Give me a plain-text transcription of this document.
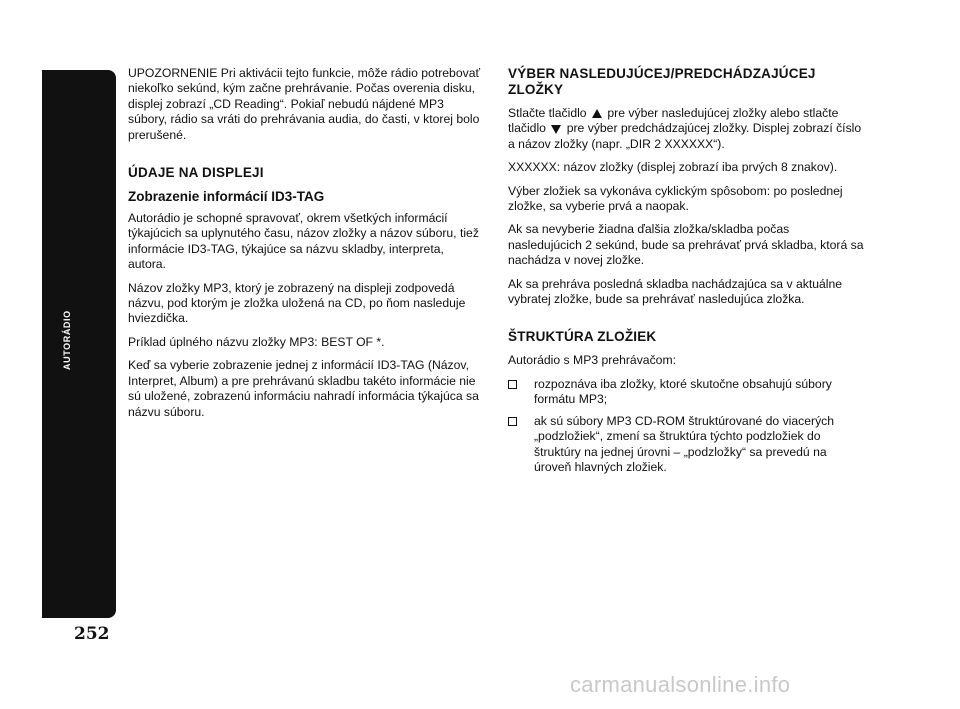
AUTORÁDIO
252

UPOZORNENIE Pri aktivácii tejto funkcie, môže rádio potrebovať niekoľko sekúnd, kým začne prehrávanie. Počas overenia disku, displej zobrazí „CD Reading“. Pokiaľ nebudú nájdené MP3 súbory, rádio sa vráti do prehrávania audia, do časti, v ktorej bolo prerušené.

ÚDAJE NA DISPLEJI
Zobrazenie informácií ID3-TAG

Autorádio je schopné spravovať, okrem všetkých informácií týkajúcich sa uplynutého času, názov zložky a názov súboru, tiež informácie ID3-TAG, týkajúce sa názvu skladby, interpreta, autora.

Názov zložky MP3, ktorý je zobrazený na displeji zodpovedá názvu, pod ktorým je zložka uložená na CD, po ňom nasleduje hviezdička.

Príklad úplného názvu zložky MP3: BEST OF *.

Keď sa vyberie zobrazenie jednej z informácií ID3-TAG (Názov, Interpret, Album) a pre prehrávanú skladbu takéto informácie nie sú uložené, zobrazenú informáciu nahradí informácia týkajúca sa názvu súboru.

VÝBER NASLEDUJÚCEJ/PREDCHÁDZAJÚCEJ ZLOŽKY

Stlačte tlačidlo pre výber nasledujúcej zložky alebo stlačte tlačidlo pre výber predchádzajúcej zložky. Displej zobrazí číslo a názov zložky (napr. „DIR 2 XXXXXX“).

XXXXXX: názov zložky (displej zobrazí iba prvých 8 znakov).

Výber zložiek sa vykonáva cyklickým spôsobom: po poslednej zložke, sa vyberie prvá a naopak.

Ak sa nevyberie žiadna ďalšia zložka/skladba počas nasledujúcich 2 sekúnd, bude sa prehrávať prvá skladba, ktorá sa nachádza v novej zložke.

Ak sa prehráva posledná skladba nachádzajúca sa v aktuálne vybratej zložke, bude sa prehrávať nasledujúca zložka.

ŠTRUKTÚRA ZLOŽIEK

Autorádio s MP3 prehrávačom:

rozpoznáva iba zložky, ktoré skutočne obsahujú súbory formátu MP3;
ak sú súbory MP3 CD-ROM štruktúrované do viacerých „podzložiek“, zmení sa štruktúra týchto podzložiek do štruktúry na jednej úrovni – „podzložky“ sa prevedú na úroveň hlavných zložiek.
carmanualsonline.info
